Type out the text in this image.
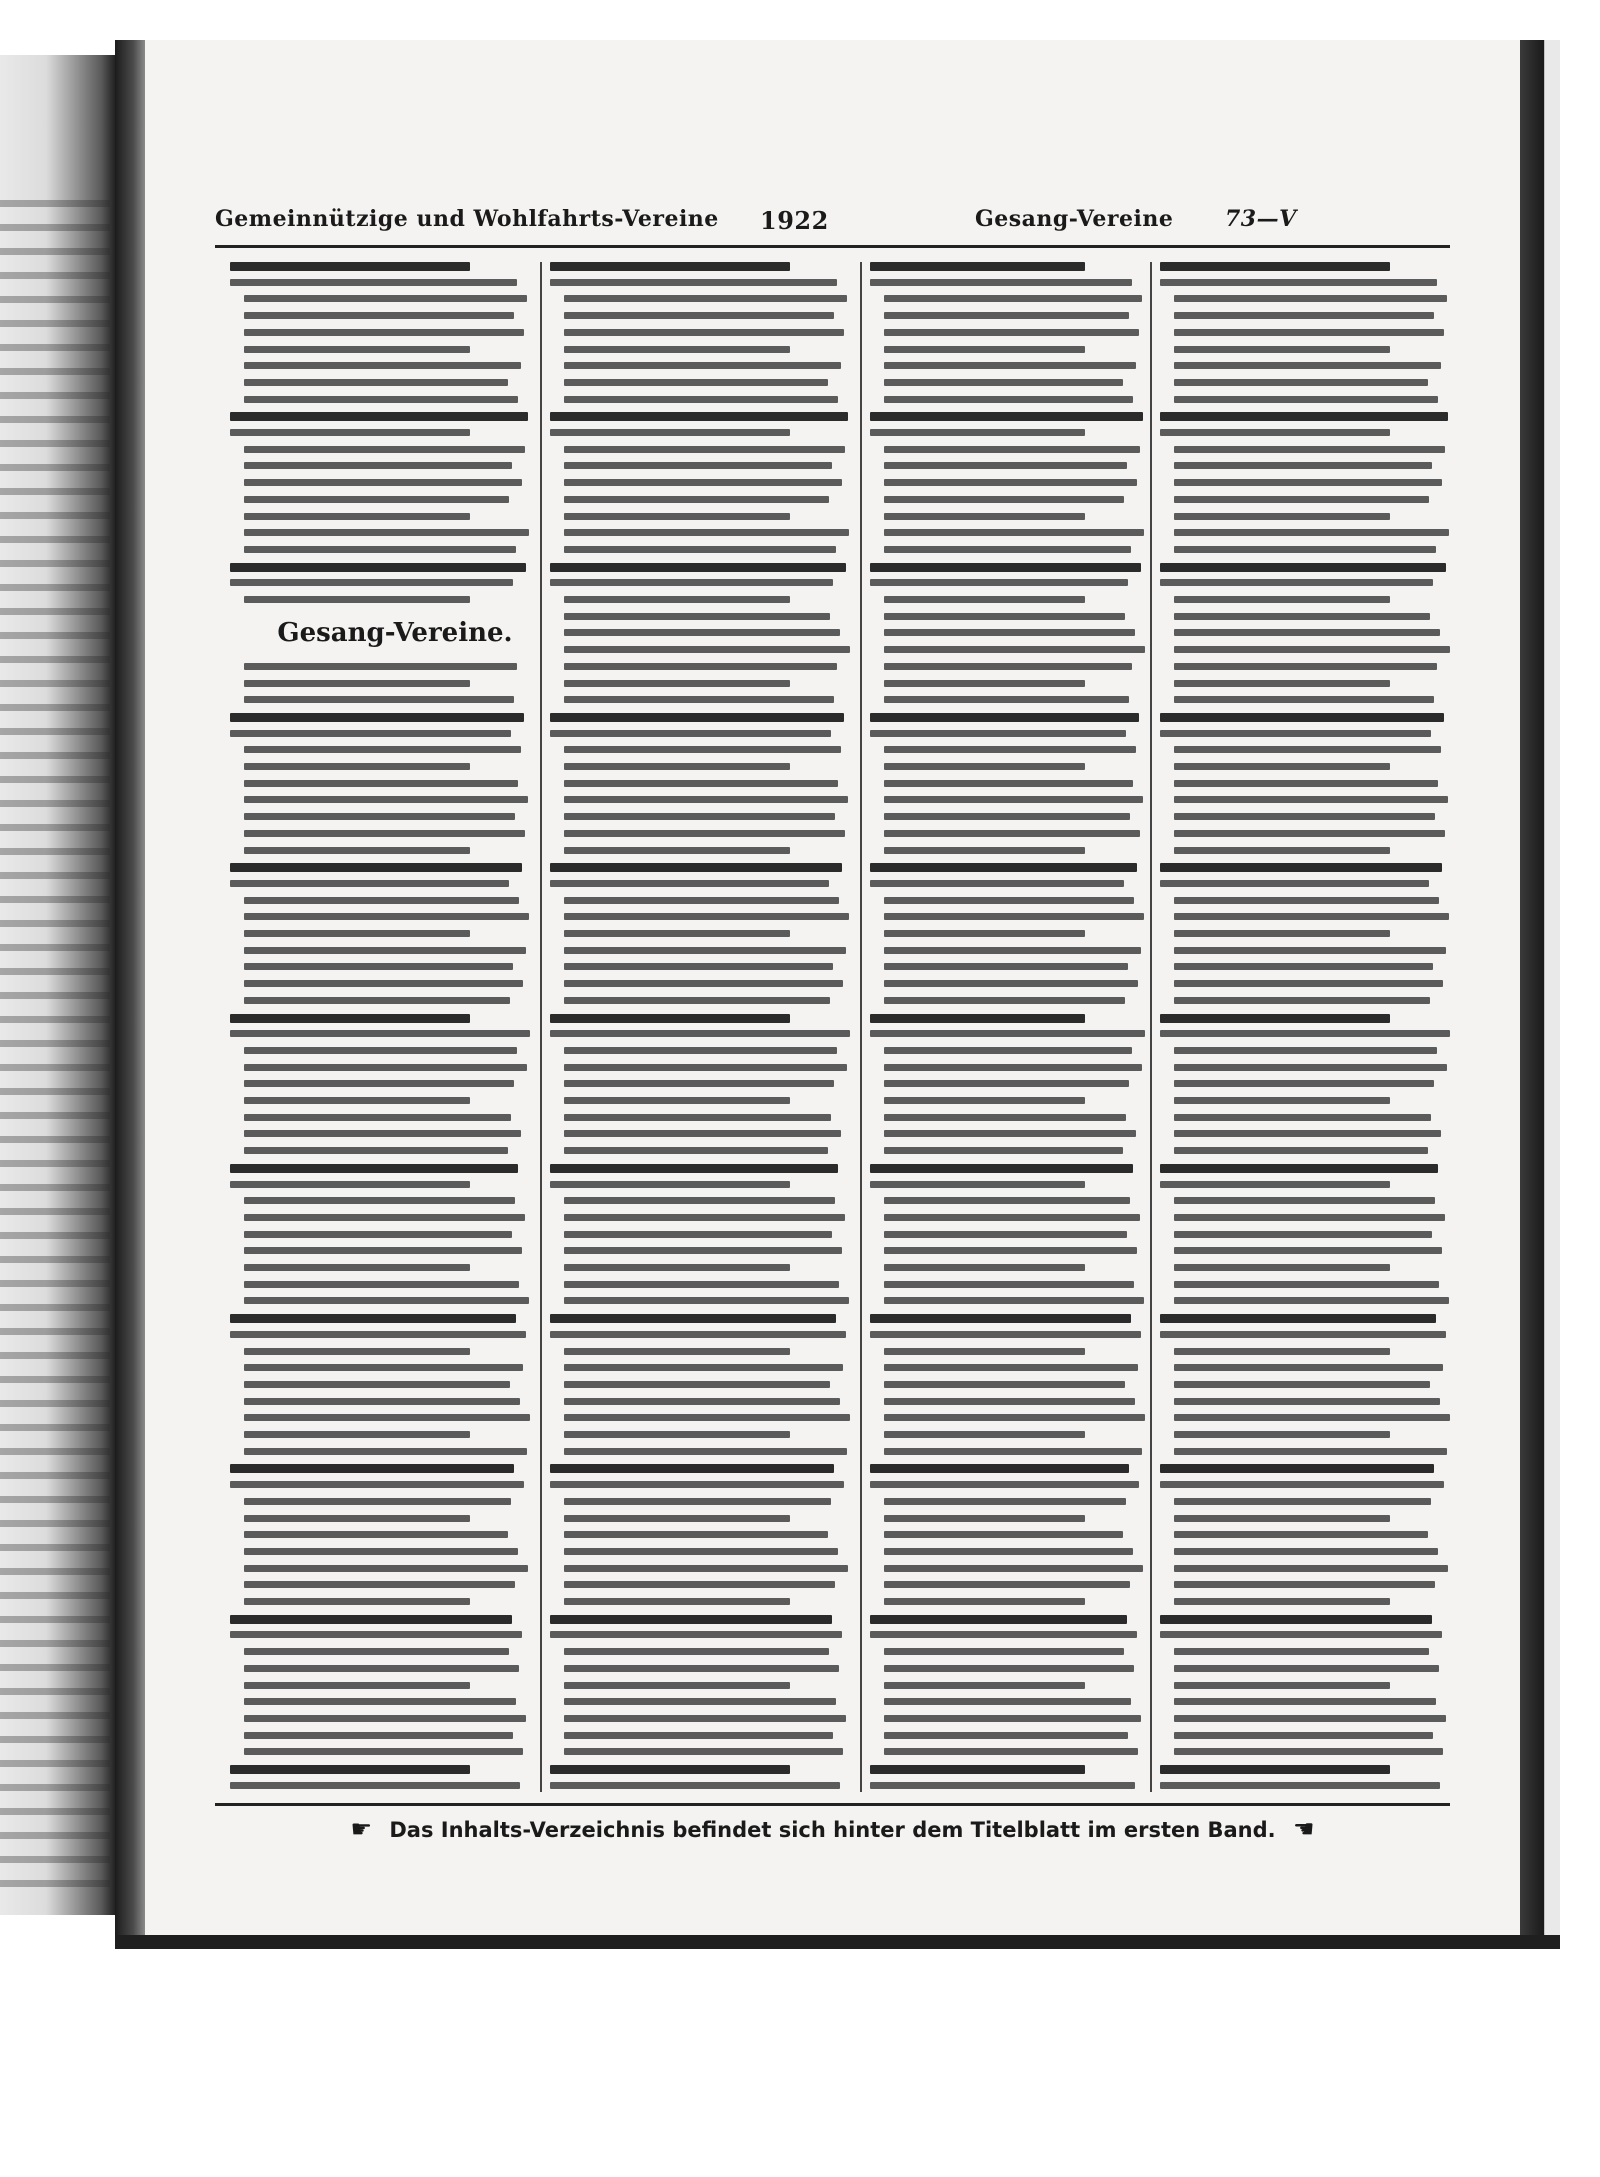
Gemeinnützige und Wohlfahrts-Vereine 1922	Gesang-Vereine 73—V
Gesang-Vereine.
☛ Das Inhalts-Verzeichnis befindet sich hinter dem Titelblatt im ersten Band. ☚
